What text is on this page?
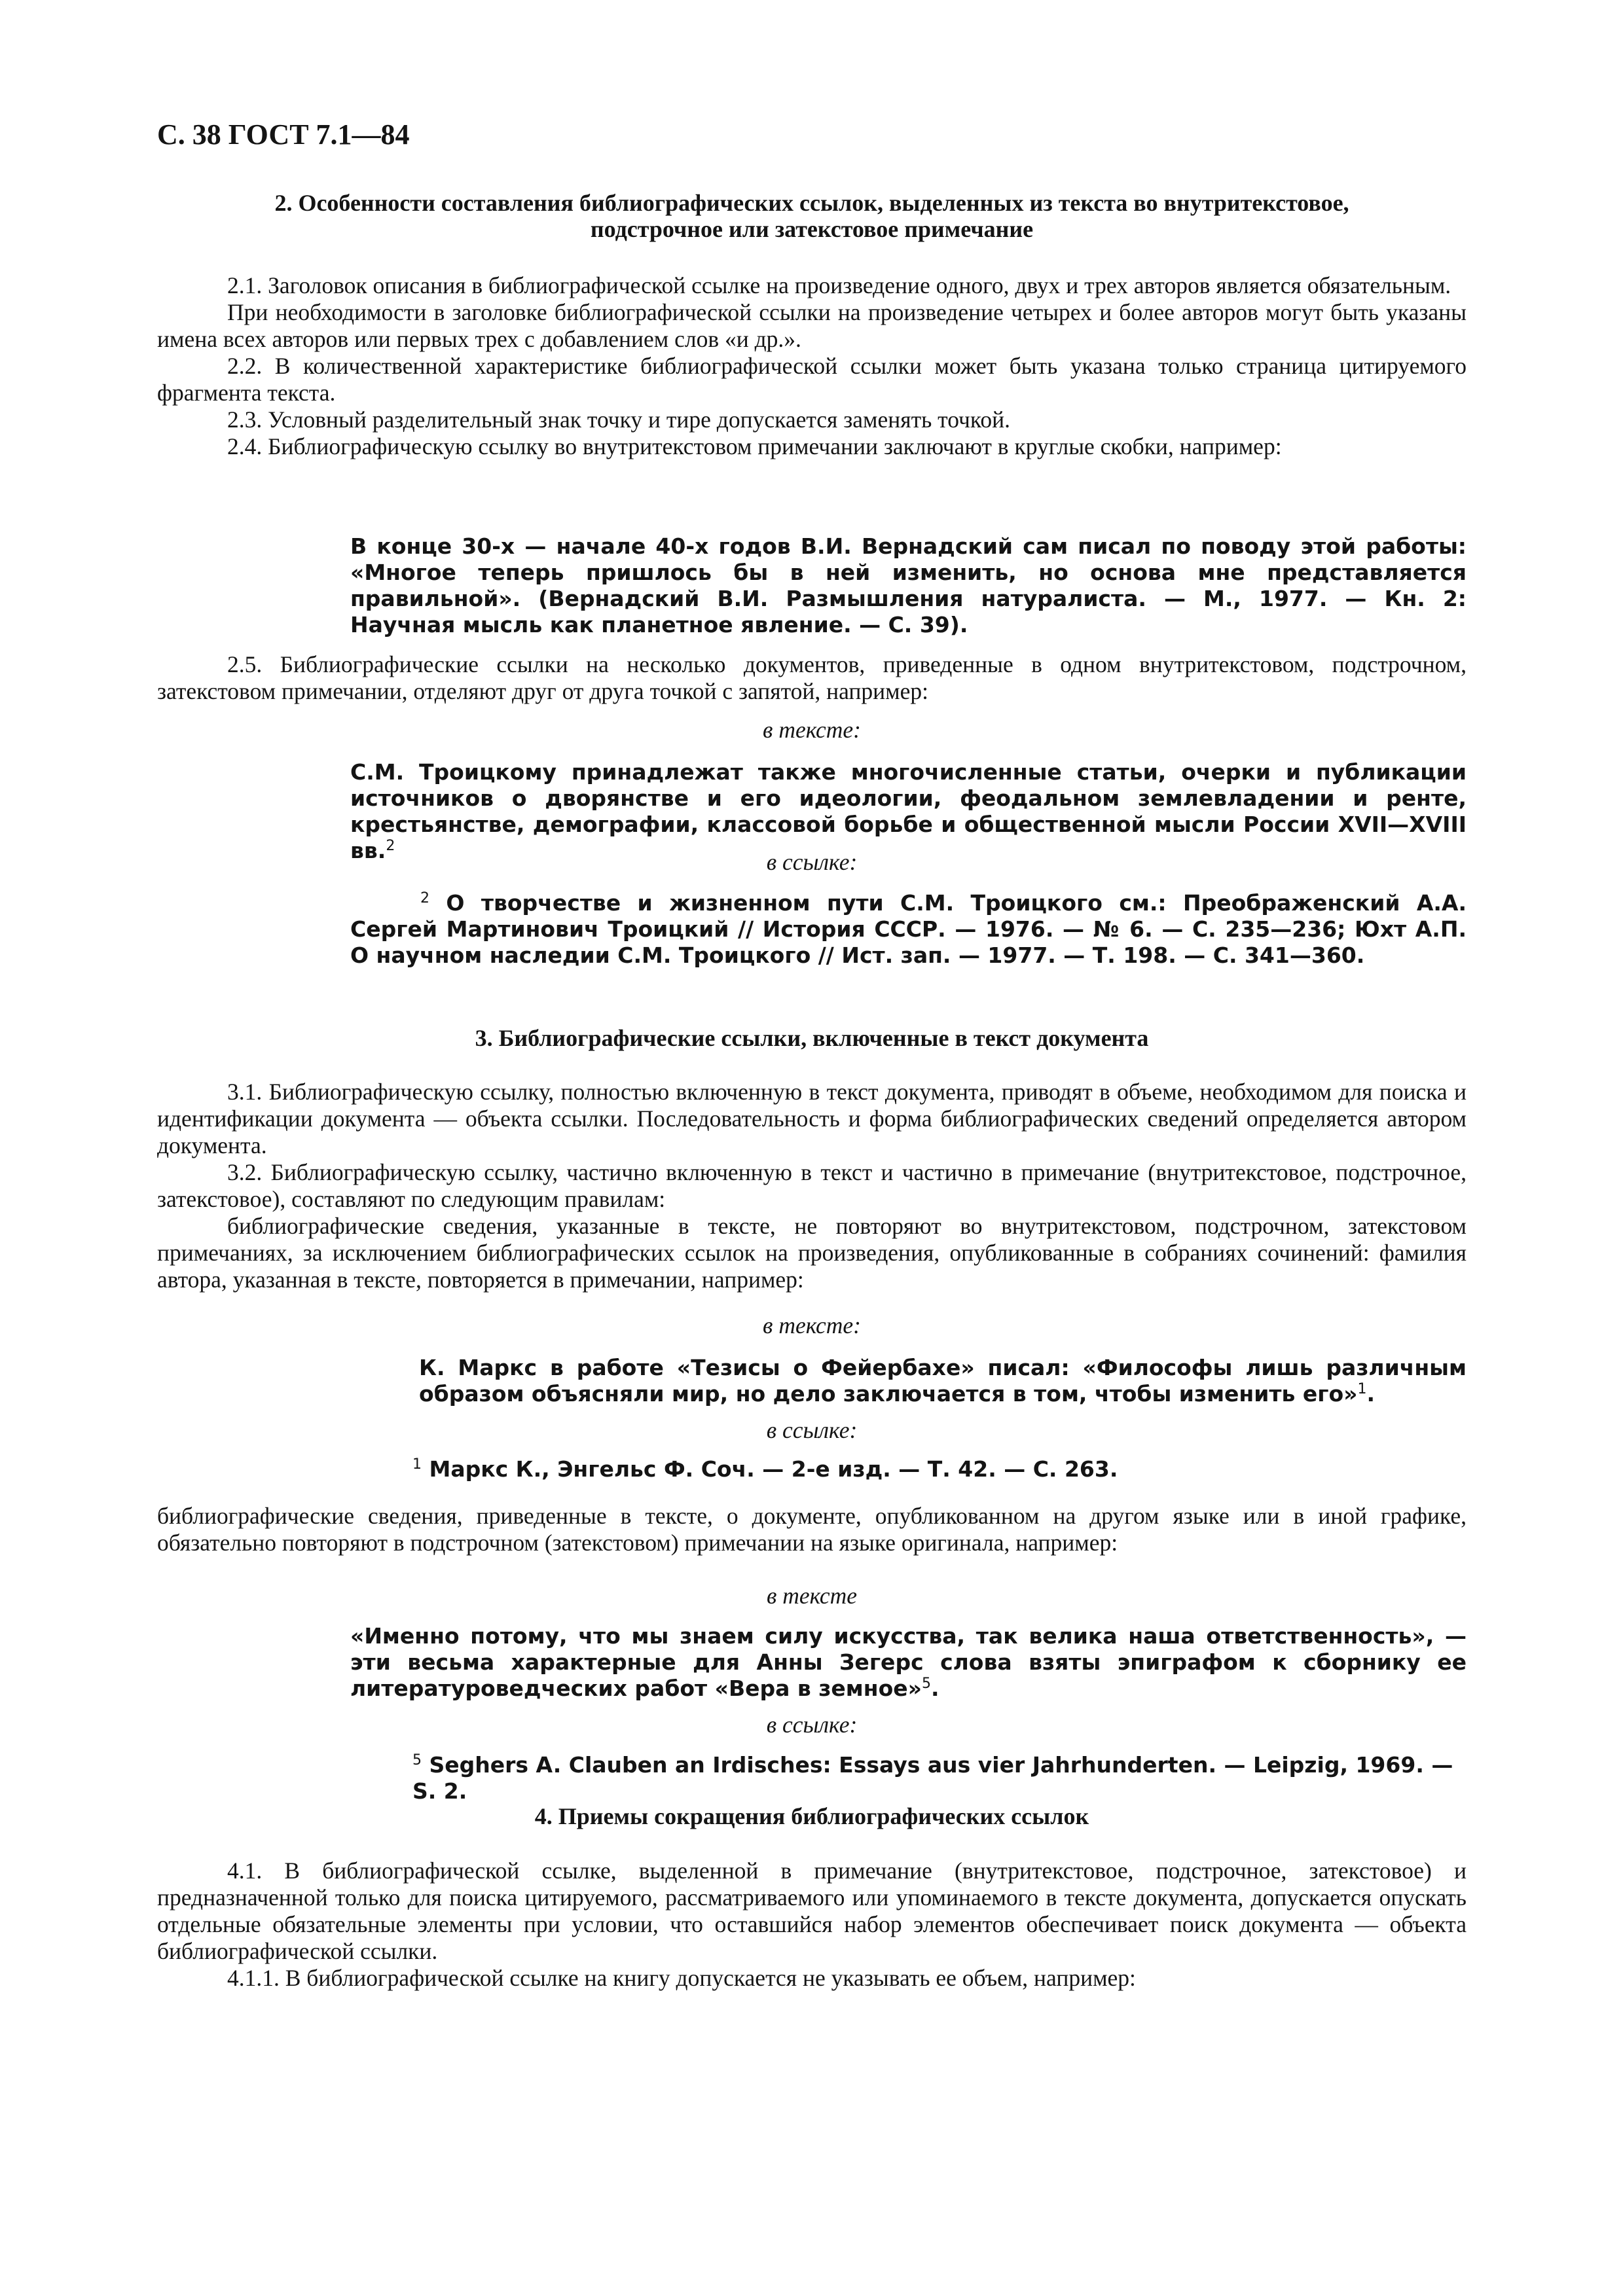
С. 38 ГОСТ 7.1—84
2. Особенности составления библиографических ссылок, выделенных из текста во внутритекстовое,
подстрочное или затекстовое примечание

2.1. Заголовок описания в библиографической ссылке на произведение одного, двух и трех авторов является обязательным.

При необходимости в заголовке библиографической ссылки на произведение четырех и более авторов могут быть указаны имена всех авторов или первых трех с добавлением слов «и др.».

2.2. В количественной характеристике библиографической ссылки может быть указана только страница цитируемого фрагмента текста.

2.3. Условный разделительный знак точку и тире допускается заменять точкой.

2.4. Библиографическую ссылку во внутритекстовом примечании заключают в круглые скобки, например:

В конце 30-х — начале 40-х годов В.И. Вернадский сам писал по поводу этой работы: «Многое теперь пришлось бы в ней изменить, но основа мне представляется правильной». (Вернадский В.И. Размышления натуралиста. — М., 1977. — Кн. 2: Научная мысль как планетное явление. — С. 39).

2.5. Библиографические ссылки на несколько документов, приведенные в одном внутритекстовом, подстрочном, затекстовом примечании, отделяют друг от друга точкой с запятой, например:

в тексте:
С.М. Троицкому принадлежат также многочисленные статьи, очерки и публикации источников о дворянстве и его идеологии, феодальном землевладении и ренте, крестьянстве, демографии, классовой борьбе и общественной мысли России XVII—XVIII вв.$^2$
в ссылке:
$^2$ О творчестве и жизненном пути С.М. Троицкого см.: Преображенский А.А. Сергей Мартинович Троицкий // История СССР. — 1976. — № 6. — С. 235—236; Юхт А.П. О научном наследии С.М. Троицкого // Ист. зап. — 1977. — Т. 198. — С. 341—360.
3. Библиографические ссылки, включенные в текст документа

3.1. Библиографическую ссылку, полностью включенную в текст документа, приводят в объеме, необходимом для поиска и идентификации документа — объекта ссылки. Последовательность и форма библиографических сведений определяется автором документа.

3.2. Библиографическую ссылку, частично включенную в текст и частично в примечание (внутритекстовое, подстрочное, затекстовое), составляют по следующим правилам:

библиографические сведения, указанные в тексте, не повторяют во внутритекстовом, подстрочном, затекстовом примечаниях, за исключением библиографических ссылок на произведения, опубликованные в собраниях сочинений: фамилия автора, указанная в тексте, повторяется в примечании, например:

в тексте:
К. Маркс в работе «Тезисы о Фейербахе» писал: «Философы лишь различным образом объясняли мир, но дело заключается в том, чтобы изменить его»$^1$.
в ссылке:
$^1$ Маркс К., Энгельс Ф. Соч. — 2-е изд. — Т. 42. — С. 263.

библиографические сведения, приведенные в тексте, о документе, опубликованном на другом языке или в иной графике, обязательно повторяют в подстрочном (затекстовом) примечании на языке оригинала, например:

в тексте
«Именно потому, что мы знаем силу искусства, так велика наша ответственность», — эти весьма характерные для Анны Зегерс слова взяты эпиграфом к сборнику ее литературоведческих работ «Вера в земное»$^5$.
в ссылке:
$^5$ Seghers A. Clauben an Irdisches: Essays aus vier Jahrhunderten. — Leipzig, 1969. — S. 2.
4. Приемы сокращения библиографических ссылок

4.1. В библиографической ссылке, выделенной в примечание (внутритекстовое, подстрочное, затекстовое) и предназначенной только для поиска цитируемого, рассматриваемого или упоминаемого в тексте документа, допускается опускать отдельные обязательные элементы при условии, что оставшийся набор элементов обеспечивает поиск документа — объекта библиографической ссылки.

4.1.1. В библиографической ссылке на книгу допускается не указывать ее объем, например:
